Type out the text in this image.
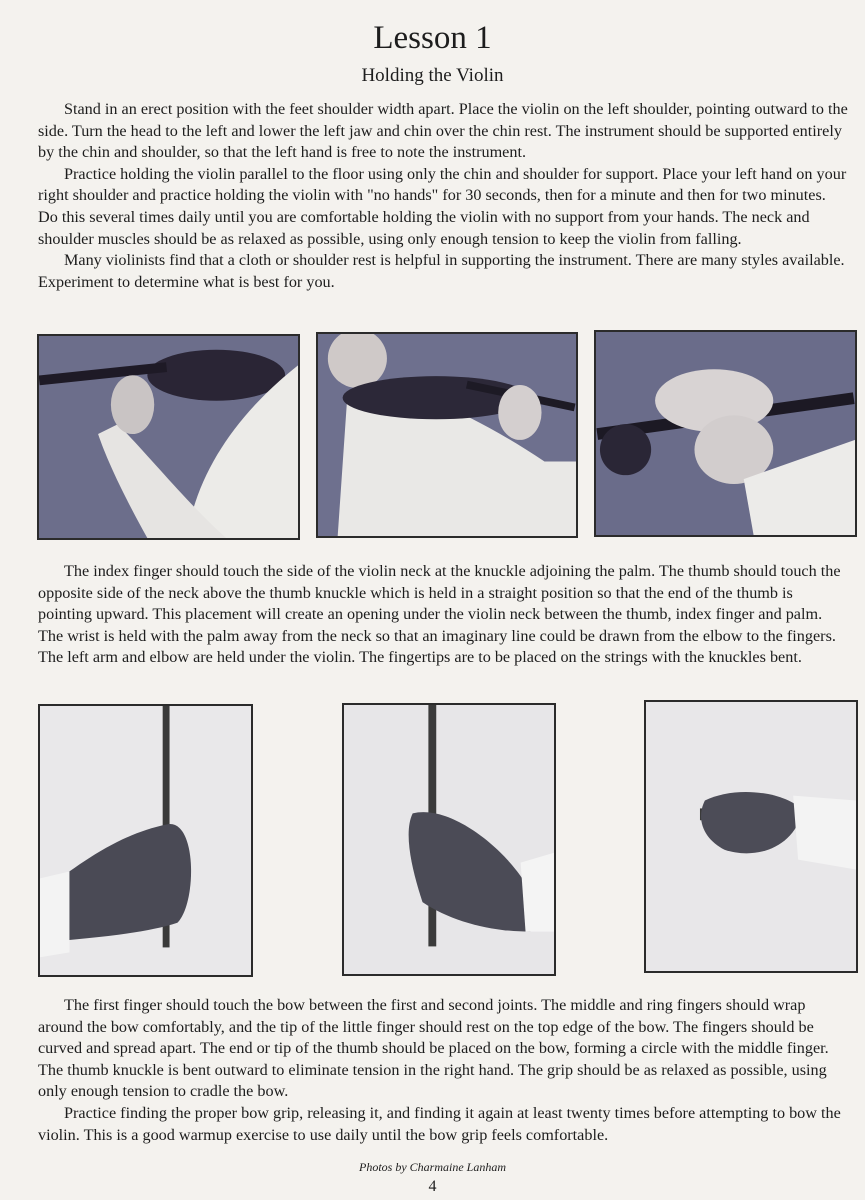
Lesson 1
Holding the Violin

Stand in an erect position with the feet shoulder width apart. Place the violin on the left shoulder, pointing outward to the side. Turn the head to the left and lower the left jaw and chin over the chin rest. The instrument should be supported entirely by the chin and shoulder, so that the left hand is free to note the instrument.

Practice holding the violin parallel to the floor using only the chin and shoulder for support. Place your left hand on your right shoulder and practice holding the violin with "no hands" for 30 seconds, then for a minute and then for two minutes. Do this several times daily until you are comfortable holding the violin with no support from your hands. The neck and shoulder muscles should be as relaxed as possible, using only enough tension to keep the violin from falling.

Many violinists find that a cloth or shoulder rest is helpful in supporting the instrument. There are many styles available. Experiment to determine what is best for you.

The index finger should touch the side of the violin neck at the knuckle adjoining the palm. The thumb should touch the opposite side of the neck above the thumb knuckle which is held in a straight position so that the end of the thumb is pointing upward. This placement will create an opening under the violin neck between the thumb, index finger and palm. The wrist is held with the palm away from the neck so that an imaginary line could be drawn from the elbow to the fingers. The left arm and elbow are held under the violin. The fingertips are to be placed on the strings with the knuckles bent.

The first finger should touch the bow between the first and second joints. The middle and ring fingers should wrap around the bow comfortably, and the tip of the little finger should rest on the top edge of the bow. The fingers should be curved and spread apart. The end or tip of the thumb should be placed on the bow, forming a circle with the middle finger. The thumb knuckle is bent outward to eliminate tension in the right hand. The grip should be as relaxed as possible, using only enough tension to cradle the bow.

Practice finding the proper bow grip, releasing it, and finding it again at least twenty times before attempting to bow the violin. This is a good warmup exercise to use daily until the bow grip feels comfortable.

Photos by Charmaine Lanham
4
